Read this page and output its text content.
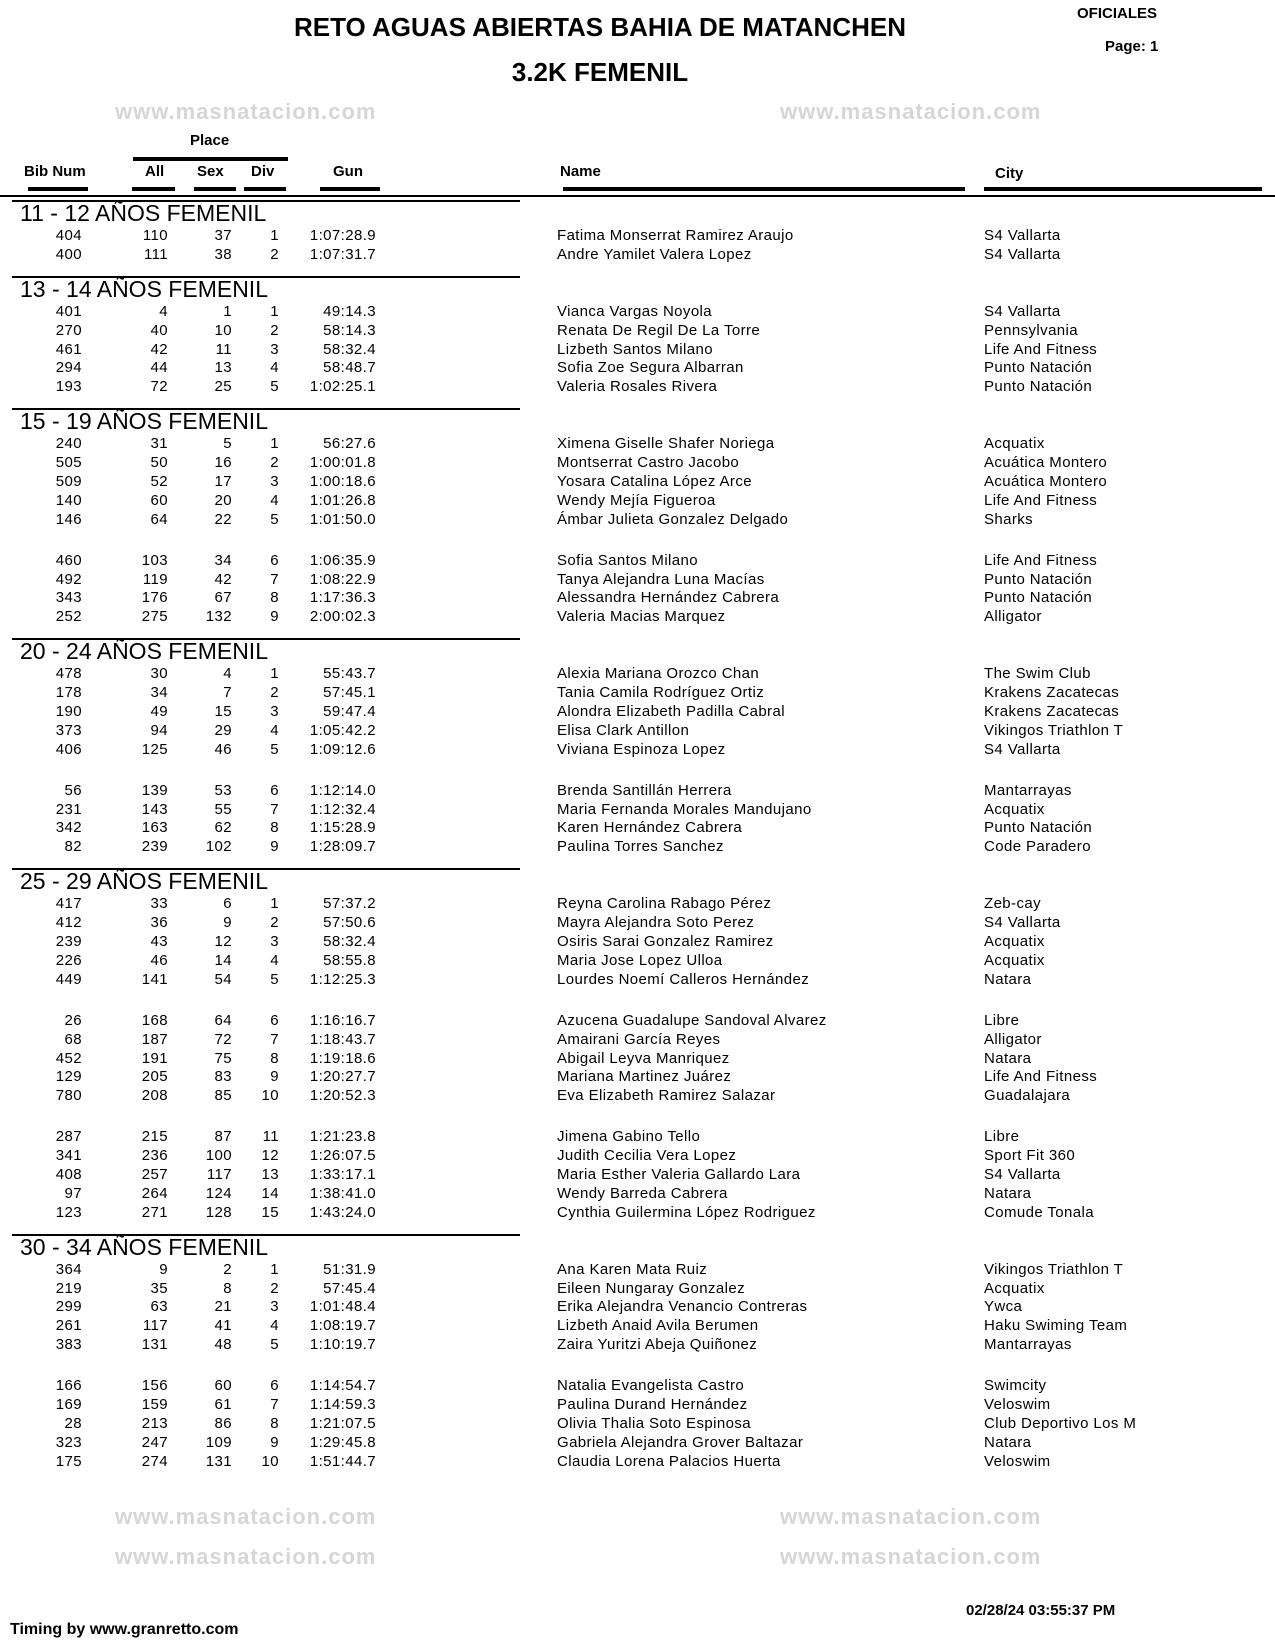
www.masnatacion.com	www.masnatacion.com
www.masnatacion.com	www.masnatacion.com
www.masnatacion.com	www.masnatacion.com
RETO AGUAS ABIERTAS BAHIA DE MATANCHEN
3.2K FEMENIL
OFICIALES
Page: 1
Place
Bib Num	All Sex Div	Gun	Name	City
11 - 12 AÑOS FEMENIL
404	110	37	1 1:07:28.9	Fatima Monserrat Ramirez Araujo	S4 Vallarta
400	111	38	2 1:07:31.7	Andre Yamilet Valera Lopez	S4 Vallarta
13 - 14 AÑOS FEMENIL
401	4	1	1	49:14.3	Vianca Vargas Noyola	S4 Vallarta
270	40	10	2	58:14.3	Renata De Regil De La Torre	Pennsylvania
461	42	11	3	58:32.4	Lizbeth Santos Milano	Life And Fitness
294	44	13	4	58:48.7	Sofia Zoe Segura Albarran	Punto Natación
193	72	25	5 1:02:25.1	Valeria Rosales Rivera	Punto Natación
15 - 19 AÑOS FEMENIL
240	31	5	1	56:27.6	Ximena Giselle Shafer Noriega	Acquatix
505	50	16	2 1:00:01.8	Montserrat Castro Jacobo	Acuática Montero
509	52	17	3 1:00:18.6	Yosara Catalina López Arce	Acuática Montero
140	60	20	4 1:01:26.8	Wendy Mejía Figueroa	Life And Fitness
146	64	22	5 1:01:50.0	Ámbar Julieta Gonzalez Delgado	Sharks
460	103	34	6 1:06:35.9	Sofia Santos Milano	Life And Fitness
492	119	42	7 1:08:22.9	Tanya Alejandra Luna Macías	Punto Natación
343	176	67	8 1:17:36.3	Alessandra Hernández Cabrera	Punto Natación
252	275	132	9 2:00:02.3	Valeria Macias Marquez	Alligator
20 - 24 AÑOS FEMENIL
478	30	4	1	55:43.7	Alexia Mariana Orozco Chan	The Swim Club
178	34	7	2	57:45.1	Tania Camila Rodríguez Ortiz	Krakens Zacatecas
190	49	15	3	59:47.4	Alondra Elizabeth Padilla Cabral	Krakens Zacatecas
373	94	29	4 1:05:42.2	Elisa Clark Antillon	Vikingos Triathlon T
406	125	46	5 1:09:12.6	Viviana Espinoza Lopez	S4 Vallarta
56	139	53	6 1:12:14.0	Brenda Santillán Herrera	Mantarrayas
231	143	55	7 1:12:32.4	Maria Fernanda Morales Mandujano	Acquatix
342	163	62	8 1:15:28.9	Karen Hernández Cabrera	Punto Natación
82	239	102	9 1:28:09.7	Paulina Torres Sanchez	Code Paradero
25 - 29 AÑOS FEMENIL
417	33	6	1	57:37.2	Reyna Carolina Rabago Pérez	Zeb-cay
412	36	9	2	57:50.6	Mayra Alejandra Soto Perez	S4 Vallarta
239	43	12	3	58:32.4	Osiris Sarai Gonzalez Ramirez	Acquatix
226	46	14	4	58:55.8	Maria Jose Lopez Ulloa	Acquatix
449	141	54	5 1:12:25.3	Lourdes Noemí Calleros Hernández	Natara
26	168	64	6 1:16:16.7	Azucena Guadalupe Sandoval Alvarez	Libre
68	187	72	7 1:18:43.7	Amairani García Reyes	Alligator
452	191	75	8 1:19:18.6	Abigail Leyva Manriquez	Natara
129	205	83	9 1:20:27.7	Mariana Martinez Juárez	Life And Fitness
780	208	85 10 1:20:52.3	Eva Elizabeth Ramirez Salazar	Guadalajara
287	215	87 11 1:21:23.8	Jimena Gabino Tello	Libre
341	236	100 12 1:26:07.5	Judith Cecilia Vera Lopez	Sport Fit 360
408	257	117 13 1:33:17.1	Maria Esther Valeria Gallardo Lara	S4 Vallarta
97	264	124 14 1:38:41.0	Wendy Barreda Cabrera	Natara
123	271	128 15 1:43:24.0	Cynthia Guilermina López Rodriguez	Comude Tonala
30 - 34 AÑOS FEMENIL
364	9	2	1	51:31.9	Ana Karen Mata Ruiz	Vikingos Triathlon T
219	35	8	2	57:45.4	Eileen Nungaray Gonzalez	Acquatix
299	63	21	3 1:01:48.4	Erika Alejandra Venancio Contreras	Ywca
261	117	41	4 1:08:19.7	Lizbeth Anaid Avila Berumen	Haku Swiming Team
383	131	48	5 1:10:19.7	Zaira Yuritzi Abeja Quiñonez	Mantarrayas
166	156	60	6 1:14:54.7	Natalia Evangelista Castro	Swimcity
169	159	61	7 1:14:59.3	Paulina Durand Hernández	Veloswim
28	213	86	8 1:21:07.5	Olivia Thalia Soto Espinosa	Club Deportivo Los M
323	247	109	9 1:29:45.8	Gabriela Alejandra Grover Baltazar	Natara
175	274	131 10 1:51:44.7	Claudia Lorena Palacios Huerta	Veloswim
Timing by www.granretto.com
02/28/24 03:55:37 PM
